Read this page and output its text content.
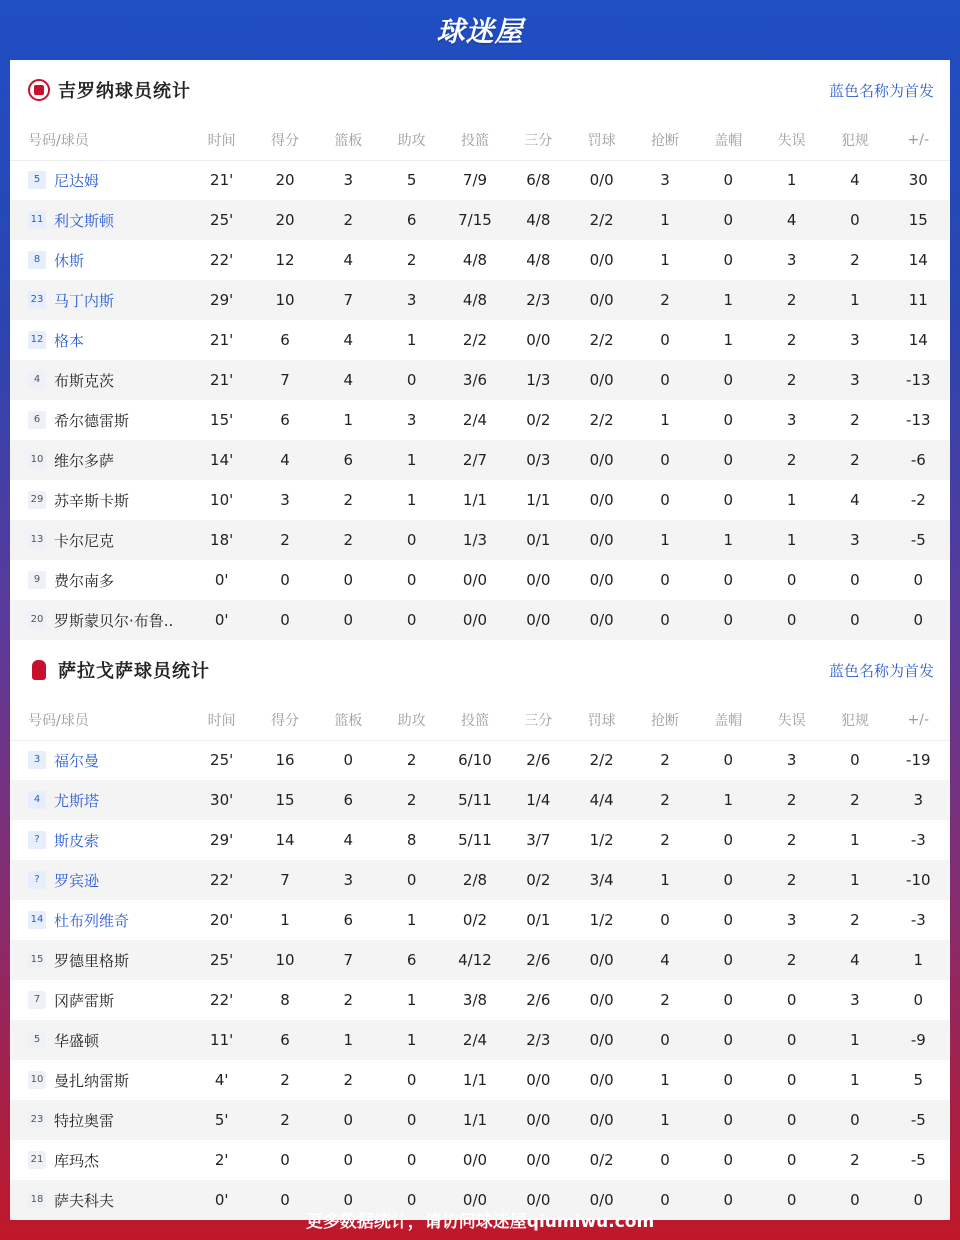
球迷屋
吉罗纳球员统计	蓝色名称为首发
号码/球员	时间	得分	篮板	助攻	投篮	三分	罚球	抢断	盖帽	失误	犯规	+/-
5 尼达姆	21'	20	3	5	7/9	6/8	0/0	3	0	1	4	30
11 利文斯顿	25'	20	2	6	7/15	4/8	2/2	1	0	4	0	15
8 休斯	22'	12	4	2	4/8	4/8	0/0	1	0	3	2	14
23 马丁内斯	29'	10	7	3	4/8	2/3	0/0	2	1	2	1	11
12 格本	21'	6	4	1	2/2	0/0	2/2	0	1	2	3	14
4 布斯克茨	21'	7	4	0	3/6	1/3	0/0	0	0	2	3	-13
6 希尔德雷斯	15'	6	1	3	2/4	0/2	2/2	1	0	3	2	-13
10 维尔多萨	14'	4	6	1	2/7	0/3	0/0	0	0	2	2	-6
29 苏辛斯卡斯	10'	3	2	1	1/1	1/1	0/0	0	0	1	4	-2
13 卡尔尼克	18'	2	2	0	1/3	0/1	0/0	1	1	1	3	-5
9 费尔南多	0'	0	0	0	0/0	0/0	0/0	0	0	0	0	0
20 罗斯蒙贝尔·布鲁..	0'	0	0	0	0/0	0/0	0/0	0	0	0	0	0
萨拉戈萨球员统计	蓝色名称为首发
号码/球员	时间	得分	篮板	助攻	投篮	三分	罚球	抢断	盖帽	失误	犯规	+/-
3 福尔曼	25'	16	0	2	6/10	2/6	2/2	2	0	3	0	-19
4 尤斯塔	30'	15	6	2	5/11	1/4	4/4	2	1	2	2	3
? 斯皮索	29'	14	4	8	5/11	3/7	1/2	2	0	2	1	-3
? 罗宾逊	22'	7	3	0	2/8	0/2	3/4	1	0	2	1	-10
14 杜布列维奇	20'	1	6	1	0/2	0/1	1/2	0	0	3	2	-3
15 罗德里格斯	25'	10	7	6	4/12	2/6	0/0	4	0	2	4	1
7 冈萨雷斯	22'	8	2	1	3/8	2/6	0/0	2	0	0	3	0
5 华盛顿	11'	6	1	1	2/4	2/3	0/0	0	0	0	1	-9
10 曼扎纳雷斯	4'	2	2	0	1/1	0/0	0/0	1	0	0	1	5
23 特拉奥雷	5'	2	0	0	1/1	0/0	0/0	1	0	0	0	-5
21 库玛杰	2'	0	0	0	0/0	0/0	0/2	0	0	0	2	-5
18 萨夫科夫	0'	0	0	0	0/0	0/0	0/0	0	0	0	0	0
更多数据统计，请访问球迷屋qiumiwu.com
